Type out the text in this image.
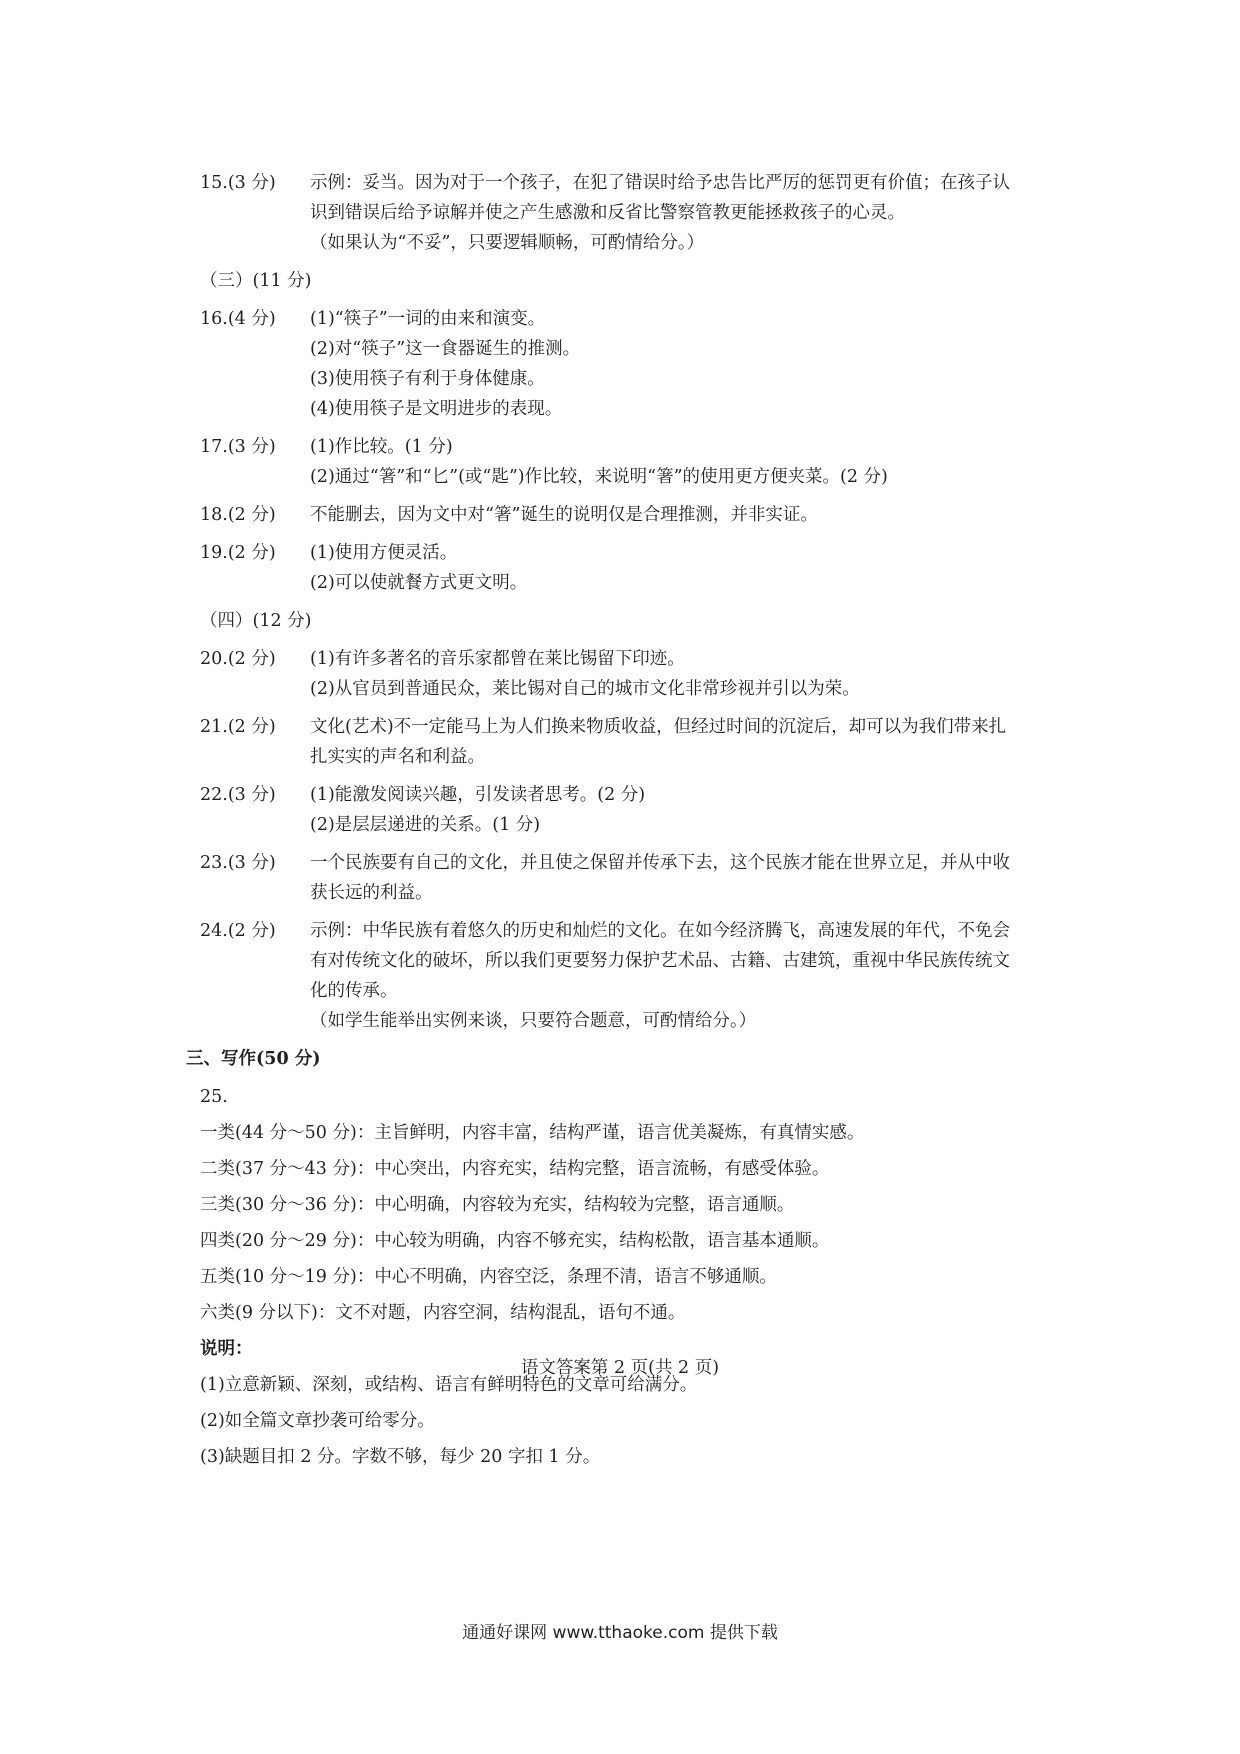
15.(3 分)	示例：妥当。因为对于一个孩子，在犯了错误时给予忠告比严厉的惩罚更有价值；在孩子认识到错误后给予谅解并使之产生感激和反省比警察管教更能拯救孩子的心灵。

（如果认为“不妥”，只要逻辑顺畅，可酌情给分。）

（三）(11 分)
16.(4 分)	(1)“筷子”一词的由来和演变。

(2)对“筷子”这一食器诞生的推测。

(3)使用筷子有利于身体健康。

(4)使用筷子是文明进步的表现。

17.(3 分)	(1)作比较。(1 分)

(2)通过“箸”和“匕”(或“匙”)作比较，来说明“箸”的使用更方便夹菜。(2 分)

18.(2 分)	不能删去，因为文中对“箸”诞生的说明仅是合理推测，并非实证。

19.(2 分)	(1)使用方便灵活。

(2)可以使就餐方式更文明。

（四）(12 分)
20.(2 分)	(1)有许多著名的音乐家都曾在莱比锡留下印迹。

(2)从官员到普通民众，莱比锡对自己的城市文化非常珍视并引以为荣。

21.(2 分)	文化(艺术)不一定能马上为人们换来物质收益，但经过时间的沉淀后，却可以为我们带来扎扎实实的声名和利益。

22.(3 分)	(1)能激发阅读兴趣，引发读者思考。(2 分)

(2)是层层递进的关系。(1 分)

23.(3 分)	一个民族要有自己的文化，并且使之保留并传承下去，这个民族才能在世界立足，并从中收获长远的利益。

24.(2 分)	示例：中华民族有着悠久的历史和灿烂的文化。在如今经济腾飞，高速发展的年代，不免会有对传统文化的破坏，所以我们更要努力保护艺术品、古籍、古建筑，重视中华民族传统文化的传承。

（如学生能举出实例来谈，只要符合题意，可酌情给分。）

三、写作(50 分)
25.
一类(44 分～50 分)：主旨鲜明，内容丰富，结构严谨，语言优美凝炼，有真情实感。
二类(37 分～43 分)：中心突出，内容充实，结构完整，语言流畅，有感受体验。
三类(30 分～36 分)：中心明确，内容较为充实，结构较为完整，语言通顺。
四类(20 分～29 分)：中心较为明确，内容不够充实，结构松散，语言基本通顺。
五类(10 分～19 分)：中心不明确，内容空泛，条理不清，语言不够通顺。
六类(9 分以下)：文不对题，内容空洞，结构混乱，语句不通。
说明：
(1)立意新颖、深刻，或结构、语言有鲜明特色的文章可给满分。
(2)如全篇文章抄袭可给零分。
(3)缺题目扣 2 分。字数不够，每少 20 字扣 1 分。
语文答案第 2 页(共 2 页)
通通好课网 www.tthaoke.com 提供下载
